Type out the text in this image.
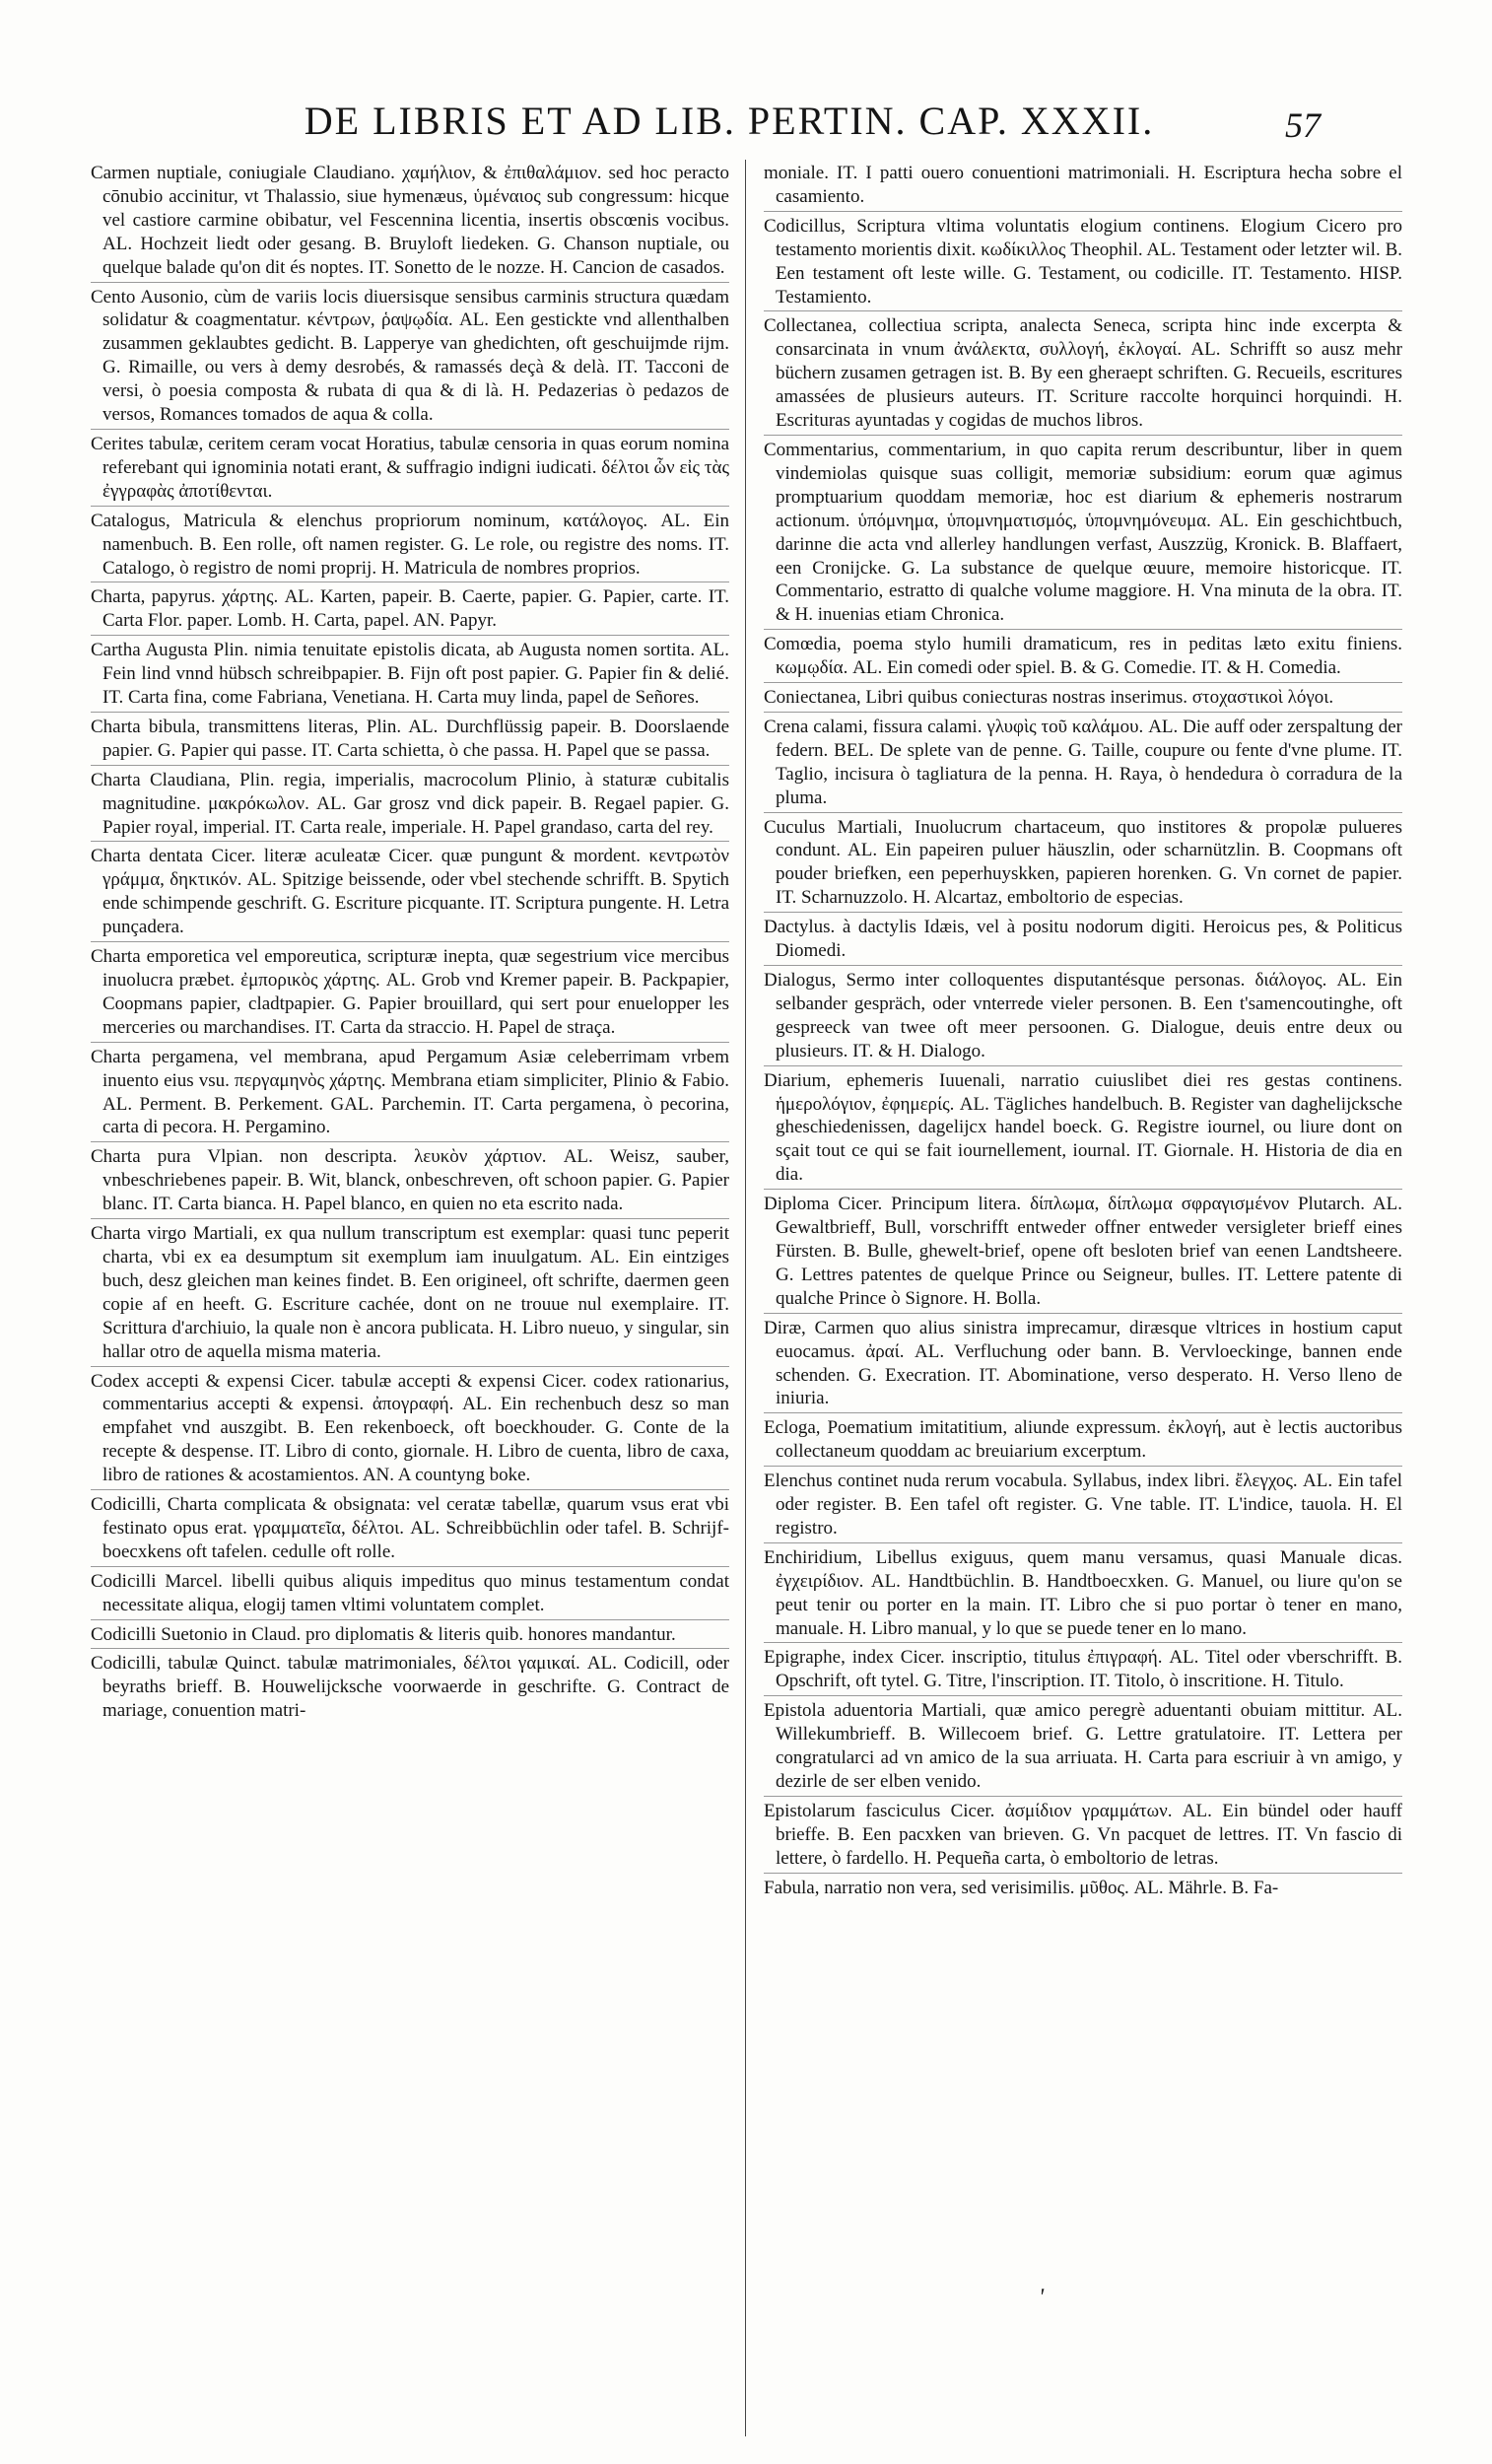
DE LIBRIS ET AD LIB. PERTIN. CAP. XXXII.	57

Carmen nuptiale, coniugiale Claudiano. χαμήλιον, & ἐπιθαλάμιον. sed hoc peracto cōnubio accinitur, vt Thalassio, siue hymenæus, ὑμέναιος sub congressum: hicque vel castiore carmine obibatur, vel Fescennina licentia, insertis obscœnis vocibus. AL. Hochzeit liedt oder gesang. B. Bruyloft liedeken. G. Chanson nuptiale, ou quelque balade qu'on dit és noptes. IT. Sonetto de le nozze. H. Cancion de casados.

Cento Ausonio, cùm de variis locis diuersisque sensibus carminis structura quædam solidatur & coagmentatur. κέντρων, ῥαψῳδία. AL. Een gestickte vnd allenthalben zusammen geklaubtes gedicht. B. Lapperye van ghedichten, oft geschuijmde rijm. G. Rimaille, ou vers à demy desrobés, & ramassés deçà & delà. IT. Tacconi de versi, ò poesia composta & rubata di qua & di là. H. Pedazerias ò pedazos de versos, Romances tomados de aqua & colla.

Cerites tabulæ, ceritem ceram vocat Horatius, tabulæ censoria in quas eorum nomina referebant qui ignominia notati erant, & suffragio indigni iudicati. δέλτοι ὧν εἰς τὰς ἐγγραφὰς ἀποτίθενται.

Catalogus, Matricula & elenchus propriorum nominum, κατάλογος. AL. Ein namenbuch. B. Een rolle, oft namen register. G. Le role, ou registre des noms. IT. Catalogo, ò registro de nomi proprij. H. Matricula de nombres proprios.

Charta, papyrus. χάρτης. AL. Karten, papeir. B. Caerte, papier. G. Papier, carte. IT. Carta Flor. paper. Lomb. H. Carta, papel. AN. Papyr.

Cartha Augusta Plin. nimia tenuitate epistolis dicata, ab Augusta nomen sortita. AL. Fein lind vnnd hübsch schreibpapier. B. Fijn oft post papier. G. Papier fin & delié. IT. Carta fina, come Fabriana, Venetiana. H. Carta muy linda, papel de Señores.

Charta bibula, transmittens literas, Plin. AL. Durchflüssig papeir. B. Doorslaende papier. G. Papier qui passe. IT. Carta schietta, ò che passa. H. Papel que se passa.

Charta Claudiana, Plin. regia, imperialis, macrocolum Plinio, à staturæ cubitalis magnitudine. μακρόκωλον. AL. Gar grosz vnd dick papeir. B. Regael papier. G. Papier royal, imperial. IT. Carta reale, imperiale. H. Papel grandaso, carta del rey.

Charta dentata Cicer. literæ aculeatæ Cicer. quæ pungunt & mordent. κεντρωτὸν γράμμα, δηκτικόν. AL. Spitzige beissende, oder vbel stechende schrifft. B. Spytich ende schimpende geschrift. G. Escriture picquante. IT. Scriptura pungente. H. Letra punçadera.

Charta emporetica vel emporeutica, scripturæ inepta, quæ segestrium vice mercibus inuolucra præbet. ἐμπορικὸς χάρτης. AL. Grob vnd Kremer papeir. B. Packpapier, Coopmans papier, cladtpapier. G. Papier brouillard, qui sert pour enuelopper les merceries ou marchandises. IT. Carta da straccio. H. Papel de straça.

Charta pergamena, vel membrana, apud Pergamum Asiæ celeberrimam vrbem inuento eius vsu. περγαμηνὸς χάρτης. Membrana etiam simpliciter, Plinio & Fabio. AL. Perment. B. Perkement. GAL. Parchemin. IT. Carta pergamena, ò pecorina, carta di pecora. H. Pergamino.

Charta pura Vlpian. non descripta. λευκὸν χάρτιον. AL. Weisz, sauber, vnbeschriebenes papeir. B. Wit, blanck, onbeschreven, oft schoon papier. G. Papier blanc. IT. Carta bianca. H. Papel blanco, en quien no eta escrito nada.

Charta virgo Martiali, ex qua nullum transcriptum est exemplar: quasi tunc peperit charta, vbi ex ea desumptum sit exemplum iam inuulgatum. AL. Ein eintziges buch, desz gleichen man keines findet. B. Een origineel, oft schrifte, daermen geen copie af en heeft. G. Escriture cachée, dont on ne trouue nul exemplaire. IT. Scrittura d'archiuio, la quale non è ancora publicata. H. Libro nueuo, y singular, sin hallar otro de aquella misma materia.

Codex accepti & expensi Cicer. tabulæ accepti & expensi Cicer. codex rationarius, commentarius accepti & expensi. ἀπογραφή. AL. Ein rechenbuch desz so man empfahet vnd auszgibt. B. Een rekenboeck, oft boeckhouder. G. Conte de la recepte & despense. IT. Libro di conto, giornale. H. Libro de cuenta, libro de caxa, libro de rationes & acostamientos. AN. A countyng boke.

Codicilli, Charta complicata & obsignata: vel ceratæ tabellæ, quarum vsus erat vbi festinato opus erat. γραμματεῖα, δέλτοι. AL. Schreibbüchlin oder tafel. B. Schrijf-boecxkens oft tafelen. cedulle oft rolle.

Codicilli Marcel. libelli quibus aliquis impeditus quo minus testamentum condat necessitate aliqua, elogij tamen vltimi voluntatem complet.

Codicilli Suetonio in Claud. pro diplomatis & literis quib. honores mandantur.

Codicilli, tabulæ Quinct. tabulæ matrimoniales, δέλτοι γαμικαί. AL. Codicill, oder beyraths brieff. B. Houwelijcksche voorwaerde in geschrifte. G. Contract de mariage, conuention matri-

moniale. IT. I patti ouero conuentioni matrimoniali. H. Escriptura hecha sobre el casamiento.

Codicillus, Scriptura vltima voluntatis elogium continens. Elogium Cicero pro testamento morientis dixit. κωδίκιλλος Theophil. AL. Testament oder letzter wil. B. Een testament oft leste wille. G. Testament, ou codicille. IT. Testamento. HISP. Testamiento.

Collectanea, collectiua scripta, analecta Seneca, scripta hinc inde excerpta & consarcinata in vnum ἀνάλεκτα, συλλογή, ἐκλογαί. AL. Schrifft so ausz mehr büchern zusamen getragen ist. B. By een gheraept schriften. G. Recueils, escritures amassées de plusieurs auteurs. IT. Scriture raccolte horquinci horquindi. H. Escrituras ayuntadas y cogidas de muchos libros.

Commentarius, commentarium, in quo capita rerum describuntur, liber in quem vindemiolas quisque suas colligit, memoriæ subsidium: eorum quæ agimus promptuarium quoddam memoriæ, hoc est diarium & ephemeris nostrarum actionum. ὑπόμνημα, ὑπομνηματισμός, ὑπομνημόνευμα. AL. Ein geschichtbuch, darinne die acta vnd allerley handlungen verfast, Auszzüg, Kronick. B. Blaffaert, een Cronijcke. G. La substance de quelque œuure, memoire historicque. IT. Commentario, estratto di qualche volume maggiore. H. Vna minuta de la obra. IT. & H. inuenias etiam Chronica.

Comœdia, poema stylo humili dramaticum, res in peditas læto exitu finiens. κωμῳδία. AL. Ein comedi oder spiel. B. & G. Comedie. IT. & H. Comedia.

Coniectanea, Libri quibus coniecturas nostras inserimus. στοχαστικοὶ λόγοι.

Crena calami, fissura calami. γλυφὶς τοῦ καλάμου. AL. Die auff oder zerspaltung der federn. BEL. De splete van de penne. G. Taille, coupure ou fente d'vne plume. IT. Taglio, incisura ò tagliatura de la penna. H. Raya, ò hendedura ò corradura de la pluma.

Cuculus Martiali, Inuolucrum chartaceum, quo institores & propolæ pulueres condunt. AL. Ein papeiren puluer häuszlin, oder scharnützlin. B. Coopmans oft pouder briefken, een peperhuyskken, papieren horenken. G. Vn cornet de papier. IT. Scharnuzzolo. H. Alcartaz, emboltorio de especias.

Dactylus. à dactylis Idæis, vel à positu nodorum digiti. Heroicus pes, & Politicus Diomedi.

Dialogus, Sermo inter colloquentes disputantésque personas. διάλογος. AL. Ein selbander gespräch, oder vnterrede vieler personen. B. Een t'samencoutinghe, oft gespreeck van twee oft meer persoonen. G. Dialogue, deuis entre deux ou plusieurs. IT. & H. Dialogo.

Diarium, ephemeris Iuuenali, narratio cuiuslibet diei res gestas continens. ἡμερολόγιον, ἐφημερίς. AL. Tägliches handelbuch. B. Register van daghelijcksche gheschiedenissen, dagelijcx handel boeck. G. Registre iournel, ou liure dont on sçait tout ce qui se fait iournellement, iournal. IT. Giornale. H. Historia de dia en dia.

Diploma Cicer. Principum litera. δίπλωμα, δίπλωμα σφραγισμένον Plutarch. AL. Gewaltbrieff, Bull, vorschrifft entweder offner entweder versigleter brieff eines Fürsten. B. Bulle, ghewelt-brief, opene oft besloten brief van eenen Landtsheere. G. Lettres patentes de quelque Prince ou Seigneur, bulles. IT. Lettere patente di qualche Prince ò Signore. H. Bolla.

Diræ, Carmen quo alius sinistra imprecamur, diræsque vltrices in hostium caput euocamus. ἀραί. AL. Verfluchung oder bann. B. Vervloeckinge, bannen ende schenden. G. Execration. IT. Abominatione, verso desperato. H. Verso lleno de iniuria.

Ecloga, Poematium imitatitium, aliunde expressum. ἐκλογή, aut è lectis auctoribus collectaneum quoddam ac breuiarium excerptum.

Elenchus continet nuda rerum vocabula. Syllabus, index libri. ἔλεγχος. AL. Ein tafel oder register. B. Een tafel oft register. G. Vne table. IT. L'indice, tauola. H. El registro.

Enchiridium, Libellus exiguus, quem manu versamus, quasi Manuale dicas. ἐγχειρίδιον. AL. Handtbüchlin. B. Handtboecxken. G. Manuel, ou liure qu'on se peut tenir ou porter en la main. IT. Libro che si puo portar ò tener en mano, manuale. H. Libro manual, y lo que se puede tener en lo mano.

Epigraphe, index Cicer. inscriptio, titulus ἐπιγραφή. AL. Titel oder vberschrifft. B. Opschrift, oft tytel. G. Titre, l'inscription. IT. Titolo, ò inscritione. H. Titulo.

Epistola aduentoria Martiali, quæ amico peregrè aduentanti obuiam mittitur. AL. Willekumbrieff. B. Willecoem brief. G. Lettre gratulatoire. IT. Lettera per congratularci ad vn amico de la sua arriuata. H. Carta para escriuir à vn amigo, y dezirle de ser elben venido.

Epistolarum fasciculus Cicer. ἀσμίδιον γραμμάτων. AL. Ein bündel oder hauff brieffe. B. Een pacxken van brieven. G. Vn pacquet de lettres. IT. Vn fascio di lettere, ò fardello. H. Pequeña carta, ò emboltorio de letras.

Fabula, narratio non vera, sed verisimilis. μῦθος. AL. Mährle. B. Fa-

ʹ
